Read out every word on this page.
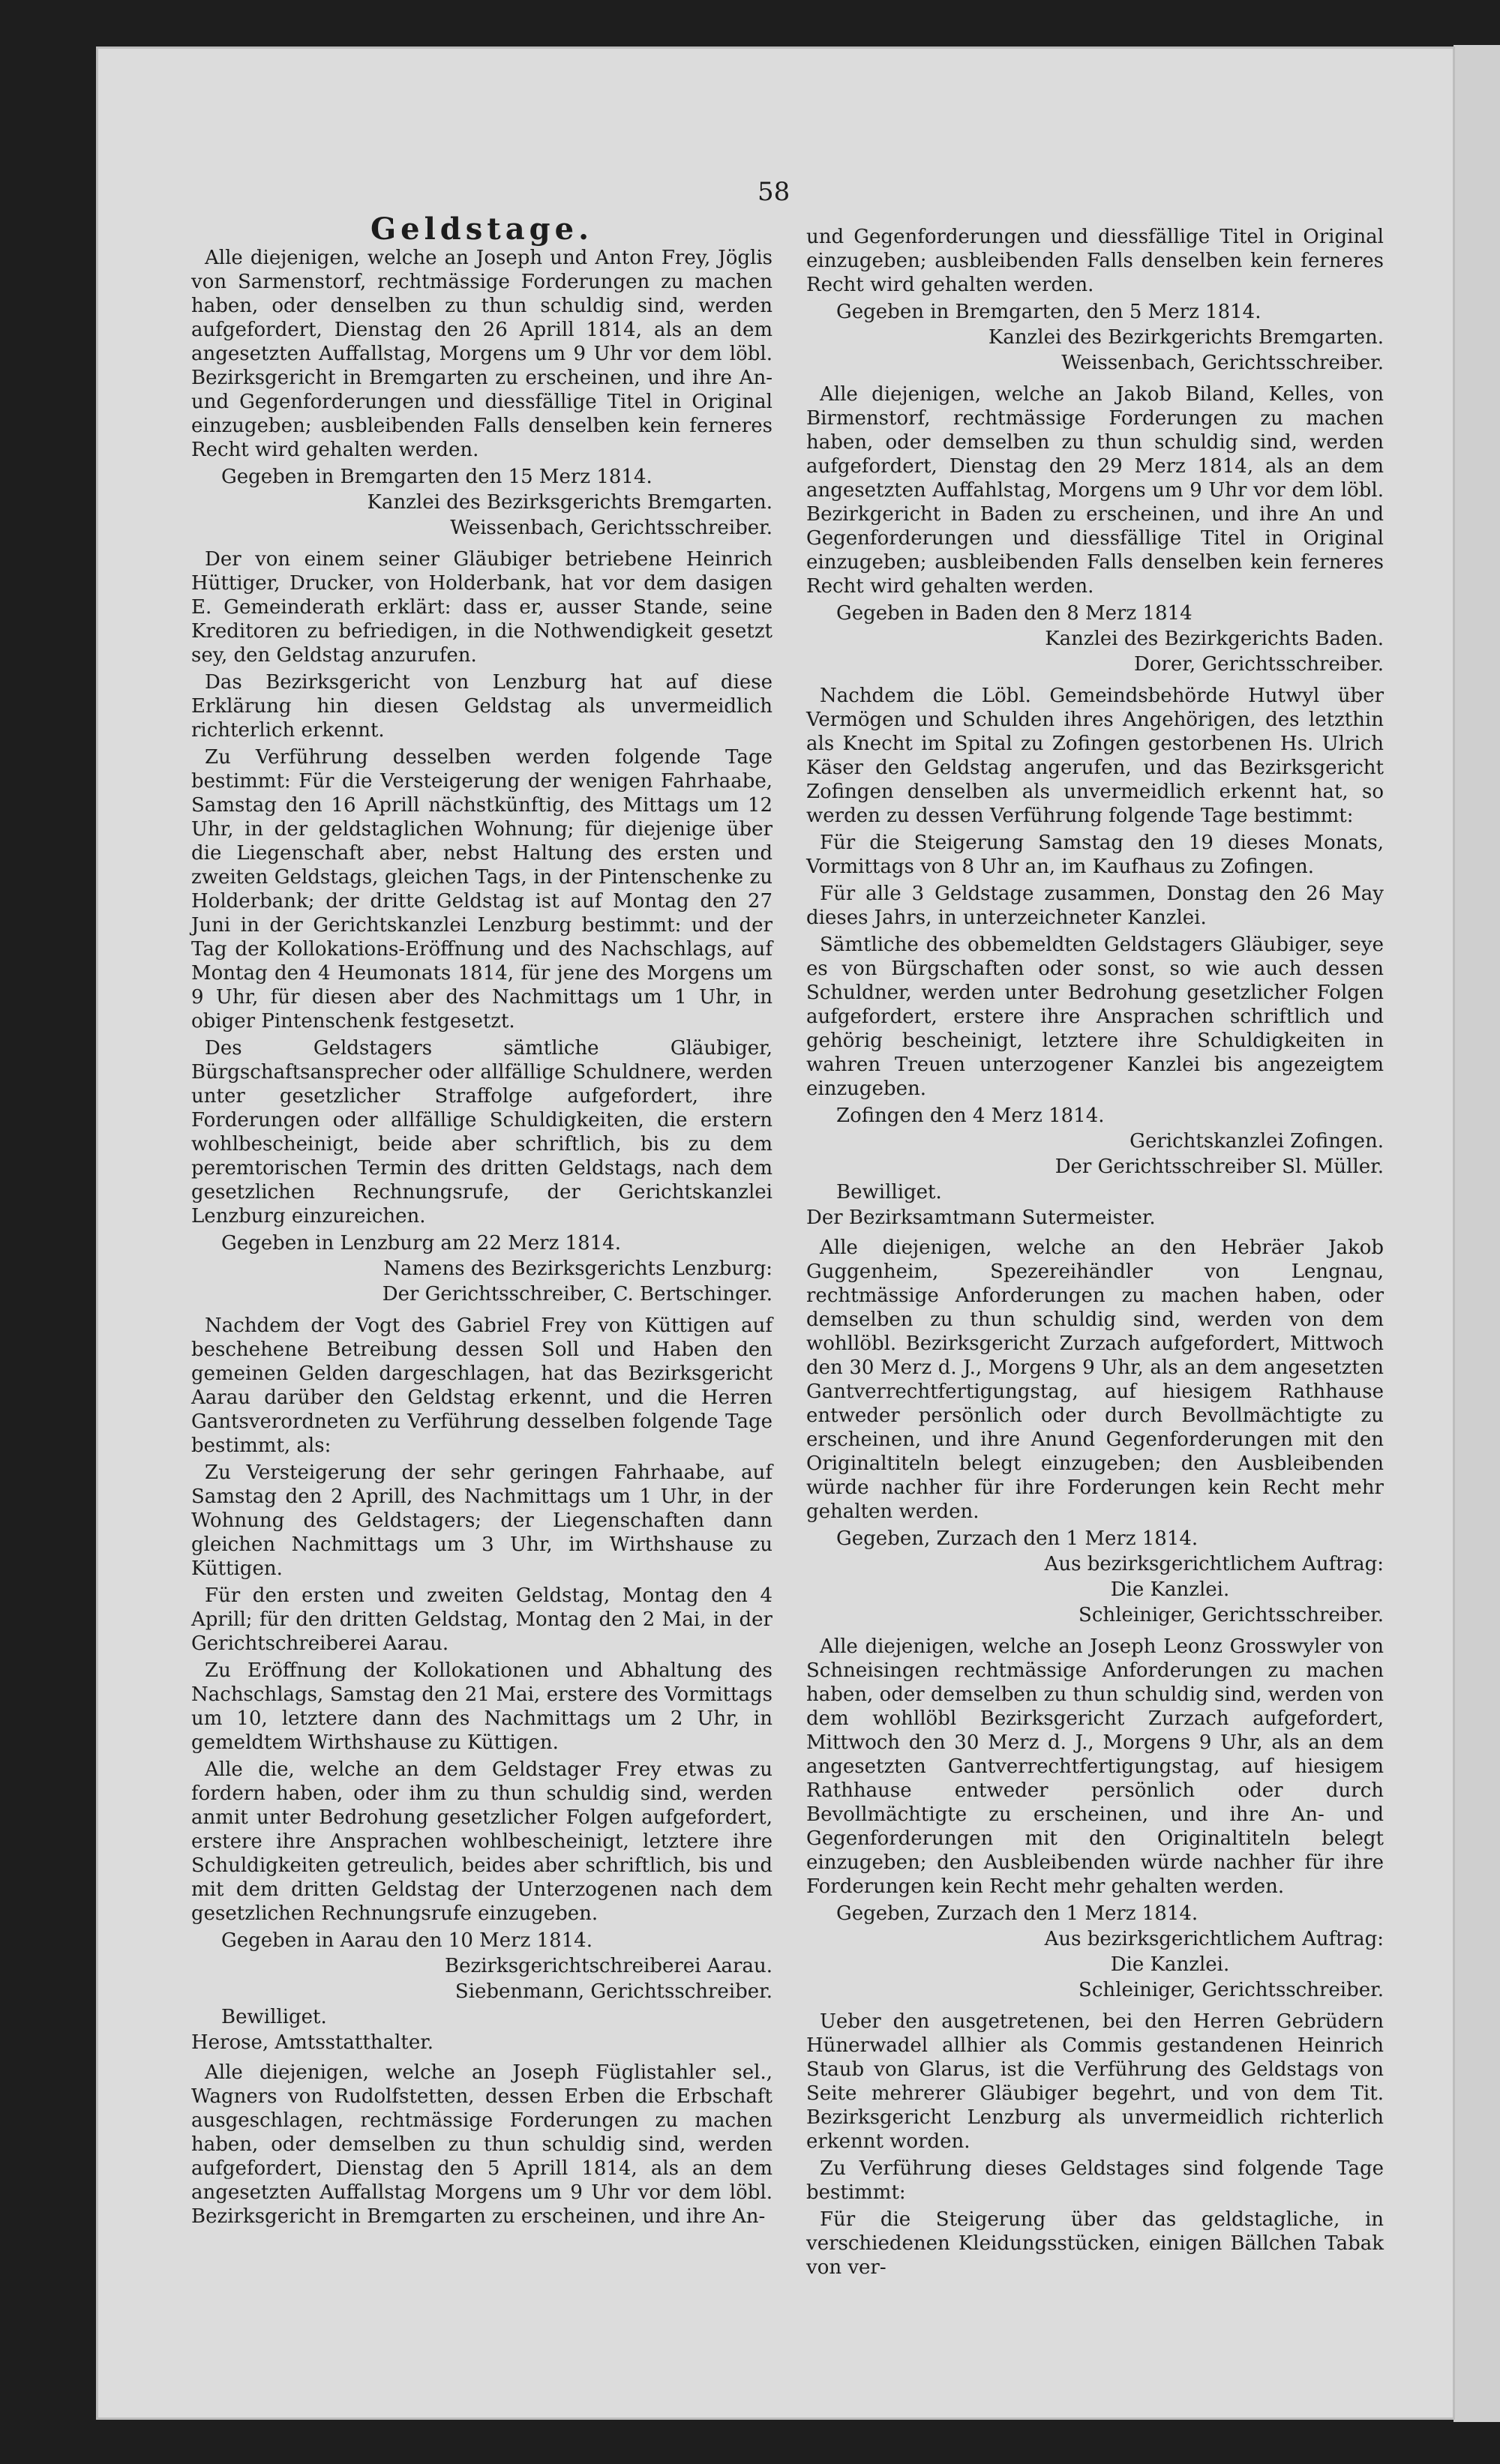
58
Geldstage.

Alle diejenigen, welche an Joseph und Anton Frey, Jöglis von Sarmenstorf, rechtmässige Forderungen zu machen haben, oder denselben zu thun schuldig sind, werden aufgefordert, Dienstag den 26 Aprill 1814, als an dem angesetzten Auffallstag, Morgens um 9 Uhr vor dem löbl. Bezirksgericht in Bremgarten zu erscheinen, und ihre An- und Gegenforderungen und diessfällige Titel in Original einzugeben; ausbleibenden Falls denselben kein ferneres Recht wird gehalten werden.

Gegeben in Bremgarten den 15 Merz 1814.
Kanzlei des Bezirksgerichts Bremgarten.
Weissenbach, Gerichtsschreiber.

Der von einem seiner Gläubiger betriebene Heinrich Hüttiger, Drucker, von Holderbank, hat vor dem dasigen E. Gemeinderath erklärt: dass er, ausser Stande, seine Kreditoren zu befriedigen, in die Nothwendigkeit gesetzt sey, den Geldstag anzurufen.

Das Bezirksgericht von Lenzburg hat auf diese Erklärung hin diesen Geldstag als unvermeidlich richterlich erkennt.

Zu Verführung desselben werden folgende Tage bestimmt: Für die Versteigerung der wenigen Fahrhaabe, Samstag den 16 Aprill nächstkünftig, des Mittags um 12 Uhr, in der geldstaglichen Wohnung; für diejenige über die Liegenschaft aber, nebst Haltung des ersten und zweiten Geldstags, gleichen Tags, in der Pintenschenke zu Holderbank; der dritte Geldstag ist auf Montag den 27 Juni in der Gerichtskanzlei Lenzburg bestimmt: und der Tag der Kollokations-Eröffnung und des Nachschlags, auf Montag den 4 Heumonats 1814, für jene des Morgens um 9 Uhr, für diesen aber des Nachmittags um 1 Uhr, in obiger Pintenschenk festgesetzt.

Des Geldstagers sämtliche Gläubiger, Bürgschaftsansprecher oder allfällige Schuldnere, werden unter gesetzlicher Straffolge aufgefordert, ihre Forderungen oder allfällige Schuldigkeiten, die erstern wohlbescheinigt, beide aber schriftlich, bis zu dem peremtorischen Termin des dritten Geldstags, nach dem gesetzlichen Rechnungsrufe, der Gerichtskanzlei Lenzburg einzureichen.

Gegeben in Lenzburg am 22 Merz 1814.
Namens des Bezirksgerichts Lenzburg:
Der Gerichtsschreiber, C. Bertschinger.

Nachdem der Vogt des Gabriel Frey von Küttigen auf beschehene Betreibung dessen Soll und Haben den gemeinen Gelden dargeschlagen, hat das Bezirksgericht Aarau darüber den Geldstag erkennt, und die Herren Gantsverordneten zu Verführung desselben folgende Tage bestimmt, als:

Zu Versteigerung der sehr geringen Fahrhaabe, auf Samstag den 2 Aprill, des Nachmittags um 1 Uhr, in der Wohnung des Geldstagers; der Liegenschaften dann gleichen Nachmittags um 3 Uhr, im Wirthshause zu Küttigen.

Für den ersten und zweiten Geldstag, Montag den 4 Aprill; für den dritten Geldstag, Montag den 2 Mai, in der Gerichtschreiberei Aarau.

Zu Eröffnung der Kollokationen und Abhaltung des Nachschlags, Samstag den 21 Mai, erstere des Vormittags um 10, letztere dann des Nachmittags um 2 Uhr, in gemeldtem Wirthshause zu Küttigen.

Alle die, welche an dem Geldstager Frey etwas zu fordern haben, oder ihm zu thun schuldig sind, werden anmit unter Bedrohung gesetzlicher Folgen aufgefordert, erstere ihre Ansprachen wohlbescheinigt, letztere ihre Schuldigkeiten getreulich, beides aber schriftlich, bis und mit dem dritten Geldstag der Unterzogenen nach dem gesetzlichen Rechnungsrufe einzugeben.

Gegeben in Aarau den 10 Merz 1814.
Bezirksgerichtschreiberei Aarau.
Siebenmann, Gerichtsschreiber.
Bewilliget.
Herose, Amtsstatthalter.

Alle diejenigen, welche an Joseph Füglistahler sel., Wagners von Rudolfstetten, dessen Erben die Erbschaft ausgeschlagen, rechtmässige Forderungen zu machen haben, oder demselben zu thun schuldig sind, werden aufgefordert, Dienstag den 5 Aprill 1814, als an dem angesetzten Auffallstag Morgens um 9 Uhr vor dem löbl. Bezirksgericht in Bremgarten zu erscheinen, und ihre An-

und Gegenforderungen und diessfällige Titel in Original einzugeben; ausbleibenden Falls denselben kein ferneres Recht wird gehalten werden.

Gegeben in Bremgarten, den 5 Merz 1814.
Kanzlei des Bezirkgerichts Bremgarten.
Weissenbach, Gerichtsschreiber.

Alle diejenigen, welche an Jakob Biland, Kelles, von Birmenstorf, rechtmässige Forderungen zu machen haben, oder demselben zu thun schuldig sind, werden aufgefordert, Dienstag den 29 Merz 1814, als an dem angesetzten Auffahlstag, Morgens um 9 Uhr vor dem löbl. Bezirkgericht in Baden zu erscheinen, und ihre An und Gegenforderungen und diessfällige Titel in Original einzugeben; ausbleibenden Falls denselben kein ferneres Recht wird gehalten werden.

Gegeben in Baden den 8 Merz 1814
Kanzlei des Bezirkgerichts Baden.
Dorer, Gerichtsschreiber.

Nachdem die Löbl. Gemeindsbehörde Hutwyl über Vermögen und Schulden ihres Angehörigen, des letzthin als Knecht im Spital zu Zofingen gestorbenen Hs. Ulrich Käser den Geldstag angerufen, und das Bezirksgericht Zofingen denselben als unvermeidlich erkennt hat, so werden zu dessen Verführung folgende Tage bestimmt:

Für die Steigerung Samstag den 19 dieses Monats, Vormittags von 8 Uhr an, im Kaufhaus zu Zofingen.

Für alle 3 Geldstage zusammen, Donstag den 26 May dieses Jahrs, in unterzeichneter Kanzlei.

Sämtliche des obbemeldten Geldstagers Gläubiger, seye es von Bürgschaften oder sonst, so wie auch dessen Schuldner, werden unter Bedrohung gesetzlicher Folgen aufgefordert, erstere ihre Ansprachen schriftlich und gehörig bescheinigt, letztere ihre Schuldigkeiten in wahren Treuen unterzogener Kanzlei bis angezeigtem einzugeben.

Zofingen den 4 Merz 1814.
Gerichtskanzlei Zofingen.
Der Gerichtsschreiber Sl. Müller.
Bewilliget.
Der Bezirksamtmann Sutermeister.

Alle diejenigen, welche an den Hebräer Jakob Guggenheim, Spezereihändler von Lengnau, rechtmässige Anforderungen zu machen haben, oder demselben zu thun schuldig sind, werden von dem wohllöbl. Bezirksgericht Zurzach aufgefordert, Mittwoch den 30 Merz d. J., Morgens 9 Uhr, als an dem angesetzten Gantverrechtfertigungstag, auf hiesigem Rathhause entweder persönlich oder durch Bevollmächtigte zu erscheinen, und ihre Anund Gegenforderungen mit den Originaltiteln belegt einzugeben; den Ausbleibenden würde nachher für ihre Forderungen kein Recht mehr gehalten werden.

Gegeben, Zurzach den 1 Merz 1814.
Aus bezirksgerichtlichem Auftrag:
Die Kanzlei.
Schleiniger, Gerichtsschreiber.

Alle diejenigen, welche an Joseph Leonz Grosswyler von Schneisingen rechtmässige Anforderungen zu machen haben, oder demselben zu thun schuldig sind, werden von dem wohllöbl Bezirksgericht Zurzach aufgefordert, Mittwoch den 30 Merz d. J., Morgens 9 Uhr, als an dem angesetzten Gantverrechtfertigungstag, auf hiesigem Rathhause entweder persönlich oder durch Bevollmächtigte zu erscheinen, und ihre An- und Gegenforderungen mit den Originaltiteln belegt einzugeben; den Ausbleibenden würde nachher für ihre Forderungen kein Recht mehr gehalten werden.

Gegeben, Zurzach den 1 Merz 1814.
Aus bezirksgerichtlichem Auftrag:
Die Kanzlei.
Schleiniger, Gerichtsschreiber.

Ueber den ausgetretenen, bei den Herren Gebrüdern Hünerwadel allhier als Commis gestandenen Heinrich Staub von Glarus, ist die Verführung des Geldstags von Seite mehrerer Gläubiger begehrt, und von dem Tit. Bezirksgericht Lenzburg als unvermeidlich richterlich erkennt worden.

Zu Verführung dieses Geldstages sind folgende Tage bestimmt:

Für die Steigerung über das geldstagliche, in verschiedenen Kleidungsstücken, einigen Bällchen Tabak von ver-
